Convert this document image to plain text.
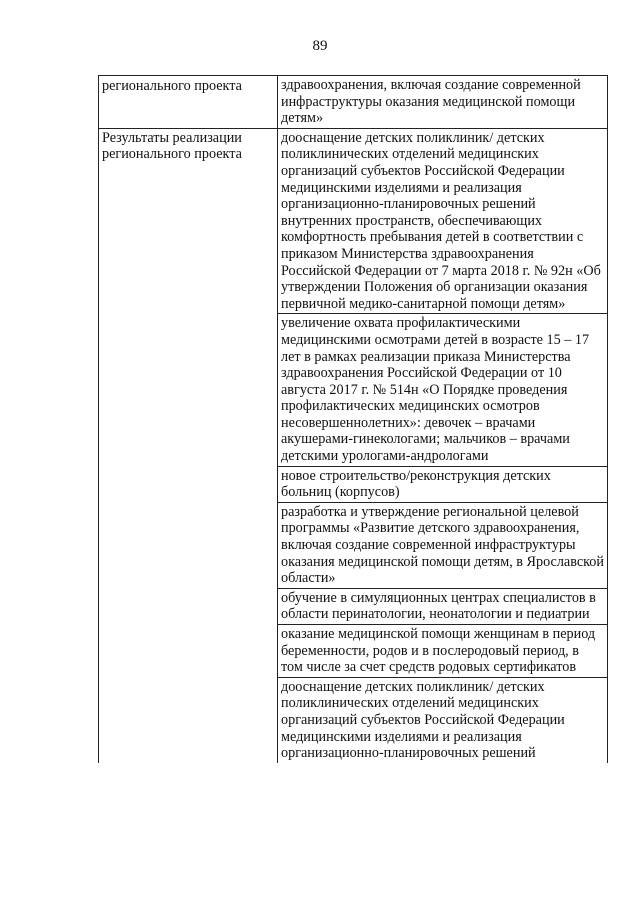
89
регионального проекта	здравоохранения, включая создание современной инфраструктуры оказания медицинской помощи детям»
Результаты реализации регионального проекта	дооснащение детских поликлиник/ детских поликлинических отделений медицинских организаций субъектов Российской Федерации медицинскими изделиями и реализация организационно-планировочных решений внутренних пространств, обеспечивающих комфортность пребывания детей в соответствии с приказом Министерства здравоохранения Российской Федерации от 7 марта 2018 г. № 92н «Об утверждении Положения об организации оказания первичной медико-санитарной помощи детям»
	увеличение охвата профилактическими медицинскими осмотрами детей в возрасте 15 – 17 лет в рамках реализации приказа Министерства здравоохранения Российской Федерации от 10 августа 2017 г. № 514н «О Порядке проведения профилактических медицинских осмотров несовершеннолетних»: девочек – врачами акушерами-гинекологами; мальчиков – врачами детскими урологами-андрологами
	новое строительство/реконструкция детских больниц (корпусов)
	разработка и утверждение региональной целевой программы «Развитие детского здравоохранения, включая создание современной инфраструктуры оказания медицинской помощи детям, в Ярославской области»
	обучение в симуляционных центрах специалистов в области перинатологии, неонатологии и педиатрии
	оказание медицинской помощи женщинам в период беременности, родов и в послеродовый период, в том числе за счет средств родовых сертификатов
	дооснащение детских поликлиник/ детских поликлинических отделений медицинских организаций субъектов Российской Федерации медицинскими изделиями и реализация организационно-планировочных решений
